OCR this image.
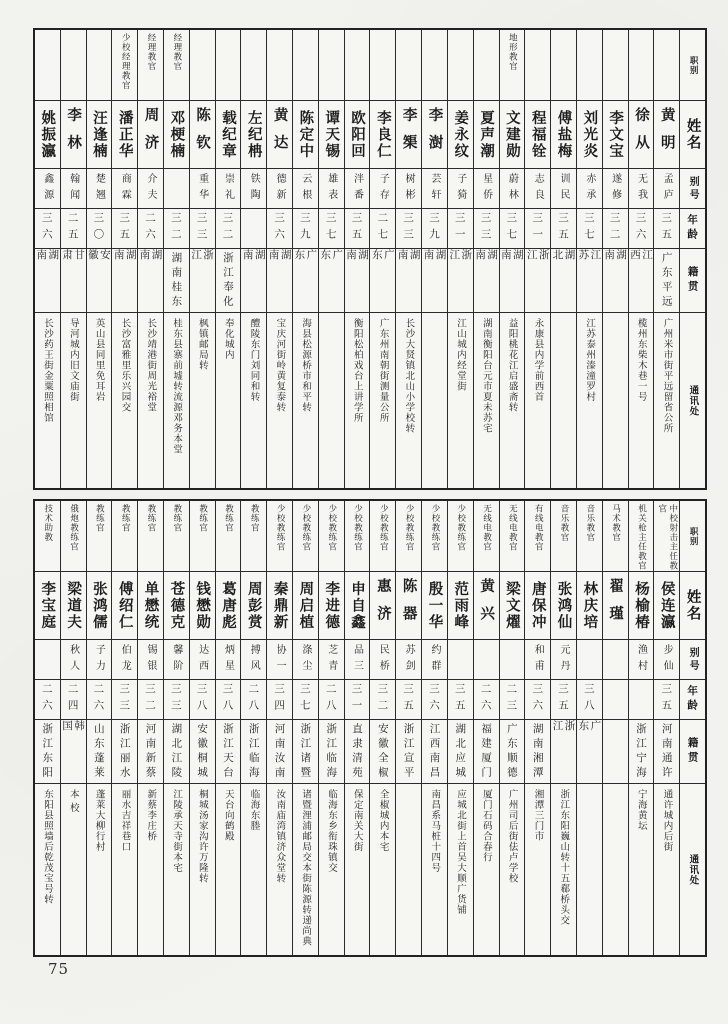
职别
姓名
别号
年龄
籍贯
通讯处
黄明
孟庐
三五
广东平远
广州米市街平远留省公所
徐从
无我
三六
江西
榄州东柴木巷一号
李文宝
遂修
三二
湖南
刘光炎
赤承
三七
江苏
江苏泰州溱潼罗村
傅盐梅
训民
三五
湖北
程福铨
志良
三一
浙江
永康县内学前西首
地形教官
文建勋
蔚林
三七
湖南
益阳桃花江启盛斋转
夏声潮
星侨
三三
湖南
湖南衡阳台元市夏未苏宅
姜永纹
子猗
三一
浙江
江山城内经堂街
李澍
芸轩
三九
湖南
李榘
树彬
三三
湖南
长沙大贤镇北山小学校转
李良仁
子存
二七
广东
广东州南朝街测量公所
欧阳回
泮番
三五
湖南
衡阳松柏戏台上讲学所
谭天锡
雄表
三七
广东
陈定中
云根
三九
广东
海县松源桥市和平转
黄达
德新
三六
湖南
宝庆河街岭黄复泰转
左纪柟
铁陶
湖南
醴陵东门刘同和转
载纪章
崇礼
三二
浙江奉化
奉化城内
陈钦
重华
三三
浙江
枫镇邮局转
经理教官
邓梗楠
三二
湖南桂东
桂东县寨前墟转流源邓务本堂
经理教官
周济
介夫
二六
湖南
长沙靖港街周光裕堂
少校经理教官
潘正华
商霖
三五
湖南
长沙富雅里乐兴园交
汪逢楠
楚翘
三〇
安徽
英山县同里免耳岩
李林
翰闻
二五
甘肃
导河城内旧文庙街
姚振瀛
鑫源
三六
湖南
长沙药王街金粟照相馆
职别
姓名
别号
年龄
籍贯
通讯处
中校射击主任教官
侯连瀛
步仙
三五
河南通许
通许城内后街
机关枪主任教官
杨榆椿
渔村
浙江宁海
宁海黄坛
马术教官
翟瑾
音乐教官
林庆培
三八
广东
音乐教官
张鸿仙
元丹
三五
浙江
浙江东阳巍山转十五郗桥头交
有线电教官
唐保冲
和甫
三六
湖南湘潭
湘潭三门市
无线电教官
梁文燿
二三
广东顺德
广州司后街佉卢学校
无线电教官
黄兴
二六
福建厦门
厦门石码合春行
少校教练官
范雨峰
三五
湖北应城
应城北街上首吴大顺广货铺
少校教练官
殷一华
约群
三六
江西南昌
南昌系马桩十四号
少校教练官
陈器
苏剑
三五
浙江宣平
少校教练官
惠济
民桥
三二
安徽全椒
全椒城内本宅
少校教练官
申自鑫
品三
三一
直隶清苑
保定南关大街
少校教练官
李进德
芝青
二八
浙江临海
临海东乡衔珠镇交
少校教练官
周启植
涤尘
三七
浙江诸暨
诸暨浬浦邮局交本街陈源转递尚典
少校教练官
秦鼎新
协一
三四
河南汝南
汝南庙湾镇济众堂转
教练官
周彭赏
搏风
二八
浙江临海
临海东塍
教练官
葛唐彪
炳星
三八
浙江天台
天台向鹤殿
教练官
钱懋勋
达西
三八
安徽桐城
桐城汤家沟许万隆转
教练官
苍德克
馨阶
三三
湖北江陵
江陵承天寺街本宅
教练官
单懋统
锡银
三二
河南新蔡
新蔡李庄桥
教练官
傅绍仁
伯龙
三三
浙江丽水
丽水吉祥巷口
教练官
张鸿儒
子力
二六
山东蓬莱
蓬莱大柳行村
俄炮教练官
梁道夫
秋人
二四
韩国
本校
技术助教
李宝庭
二六
浙江东阳
东阳县照墙后乾茂宝号转
75
